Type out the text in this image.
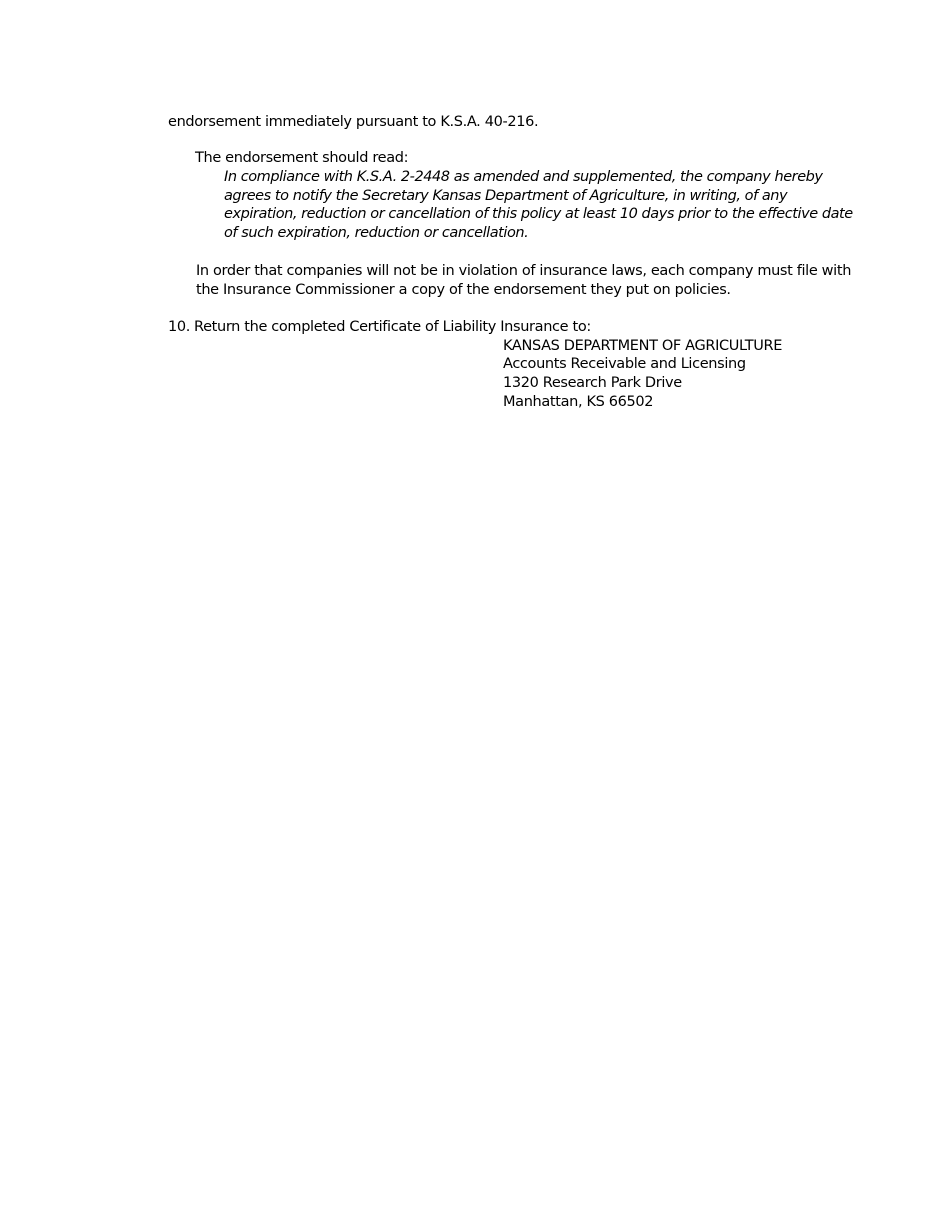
endorsement immediately pursuant to K.S.A. 40-216.
The endorsement should read:
In compliance with K.S.A. 2-2448 as amended and supplemented, the company hereby
agrees to notify the Secretary Kansas Department of Agriculture, in writing, of any
expiration, reduction or cancellation of this policy at least 10 days prior to the effective date
of such expiration, reduction or cancellation.
In order that companies will not be in violation of insurance laws, each company must file with
the Insurance Commissioner a copy of the endorsement they put on policies.
10. Return the completed Certificate of Liability Insurance to:
KANSAS DEPARTMENT OF AGRICULTURE
Accounts Receivable and Licensing
1320 Research Park Drive
Manhattan, KS 66502
